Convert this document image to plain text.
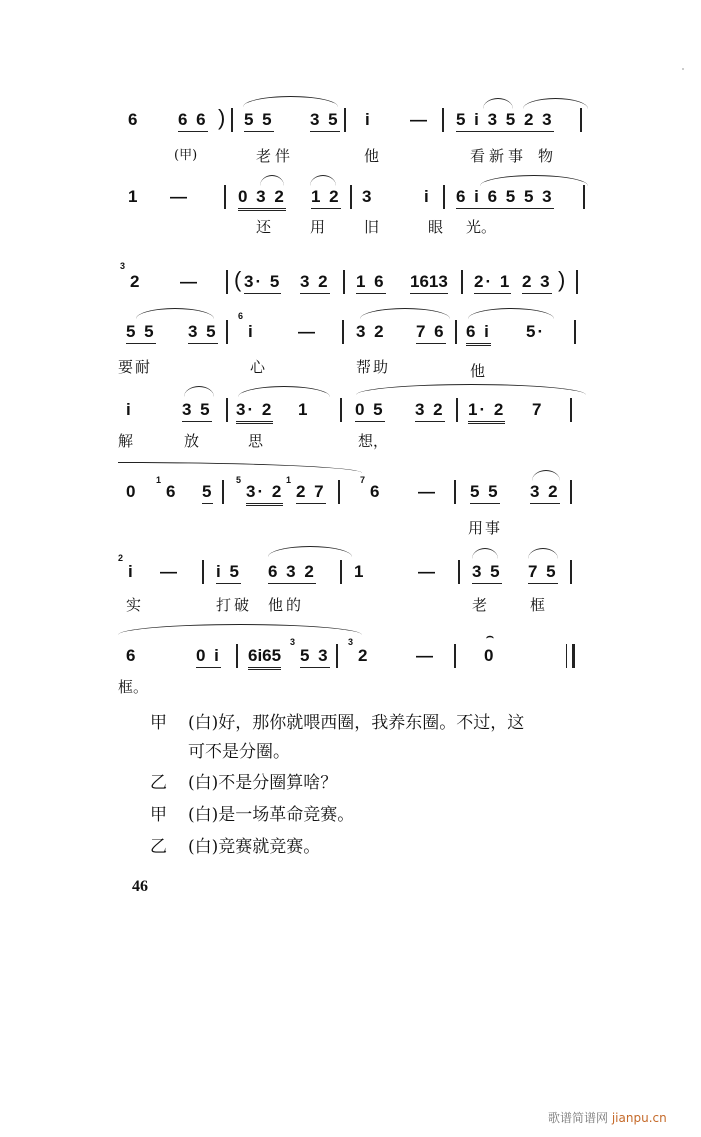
6 6 6 ) 5 5 3 5 i — 5 i 3 5 2 3
(甲)	老伴	他	看新事 物
1 —	0 3 2 1 2 3	i 6 i 6 5 5 3
还	用	旧	眼 光。
3
2 — ( 3· 5 3 2 1 6 1613 2· 1 2 3 )
5 5 3 5
6
i	— 3 2 7 6 6 i 5·
要耐	心	帮助	他
i	3 5 3· 2 1	0 5 3 2 1· 2 7
解	放	思	想，
0
1
6 5
5
3· 2
1
2 7
7
6 — 5 5 3 2
用事
2
i — i 5 6 3 2 1	— 3 5 7 5
实	打破 他的	老	框
6	0 i 6i65
3
5 3
3
2	—
⌢
0
框。
甲 (白)好，那你就喂西圈，我养东圈。不过，这
可不是分圈。
乙 (白)不是分圈算啥？
甲 (白)是一场革命竞赛。
乙 (白)竞赛就竞赛。
46
歌谱简谱网 jianpu.cn
